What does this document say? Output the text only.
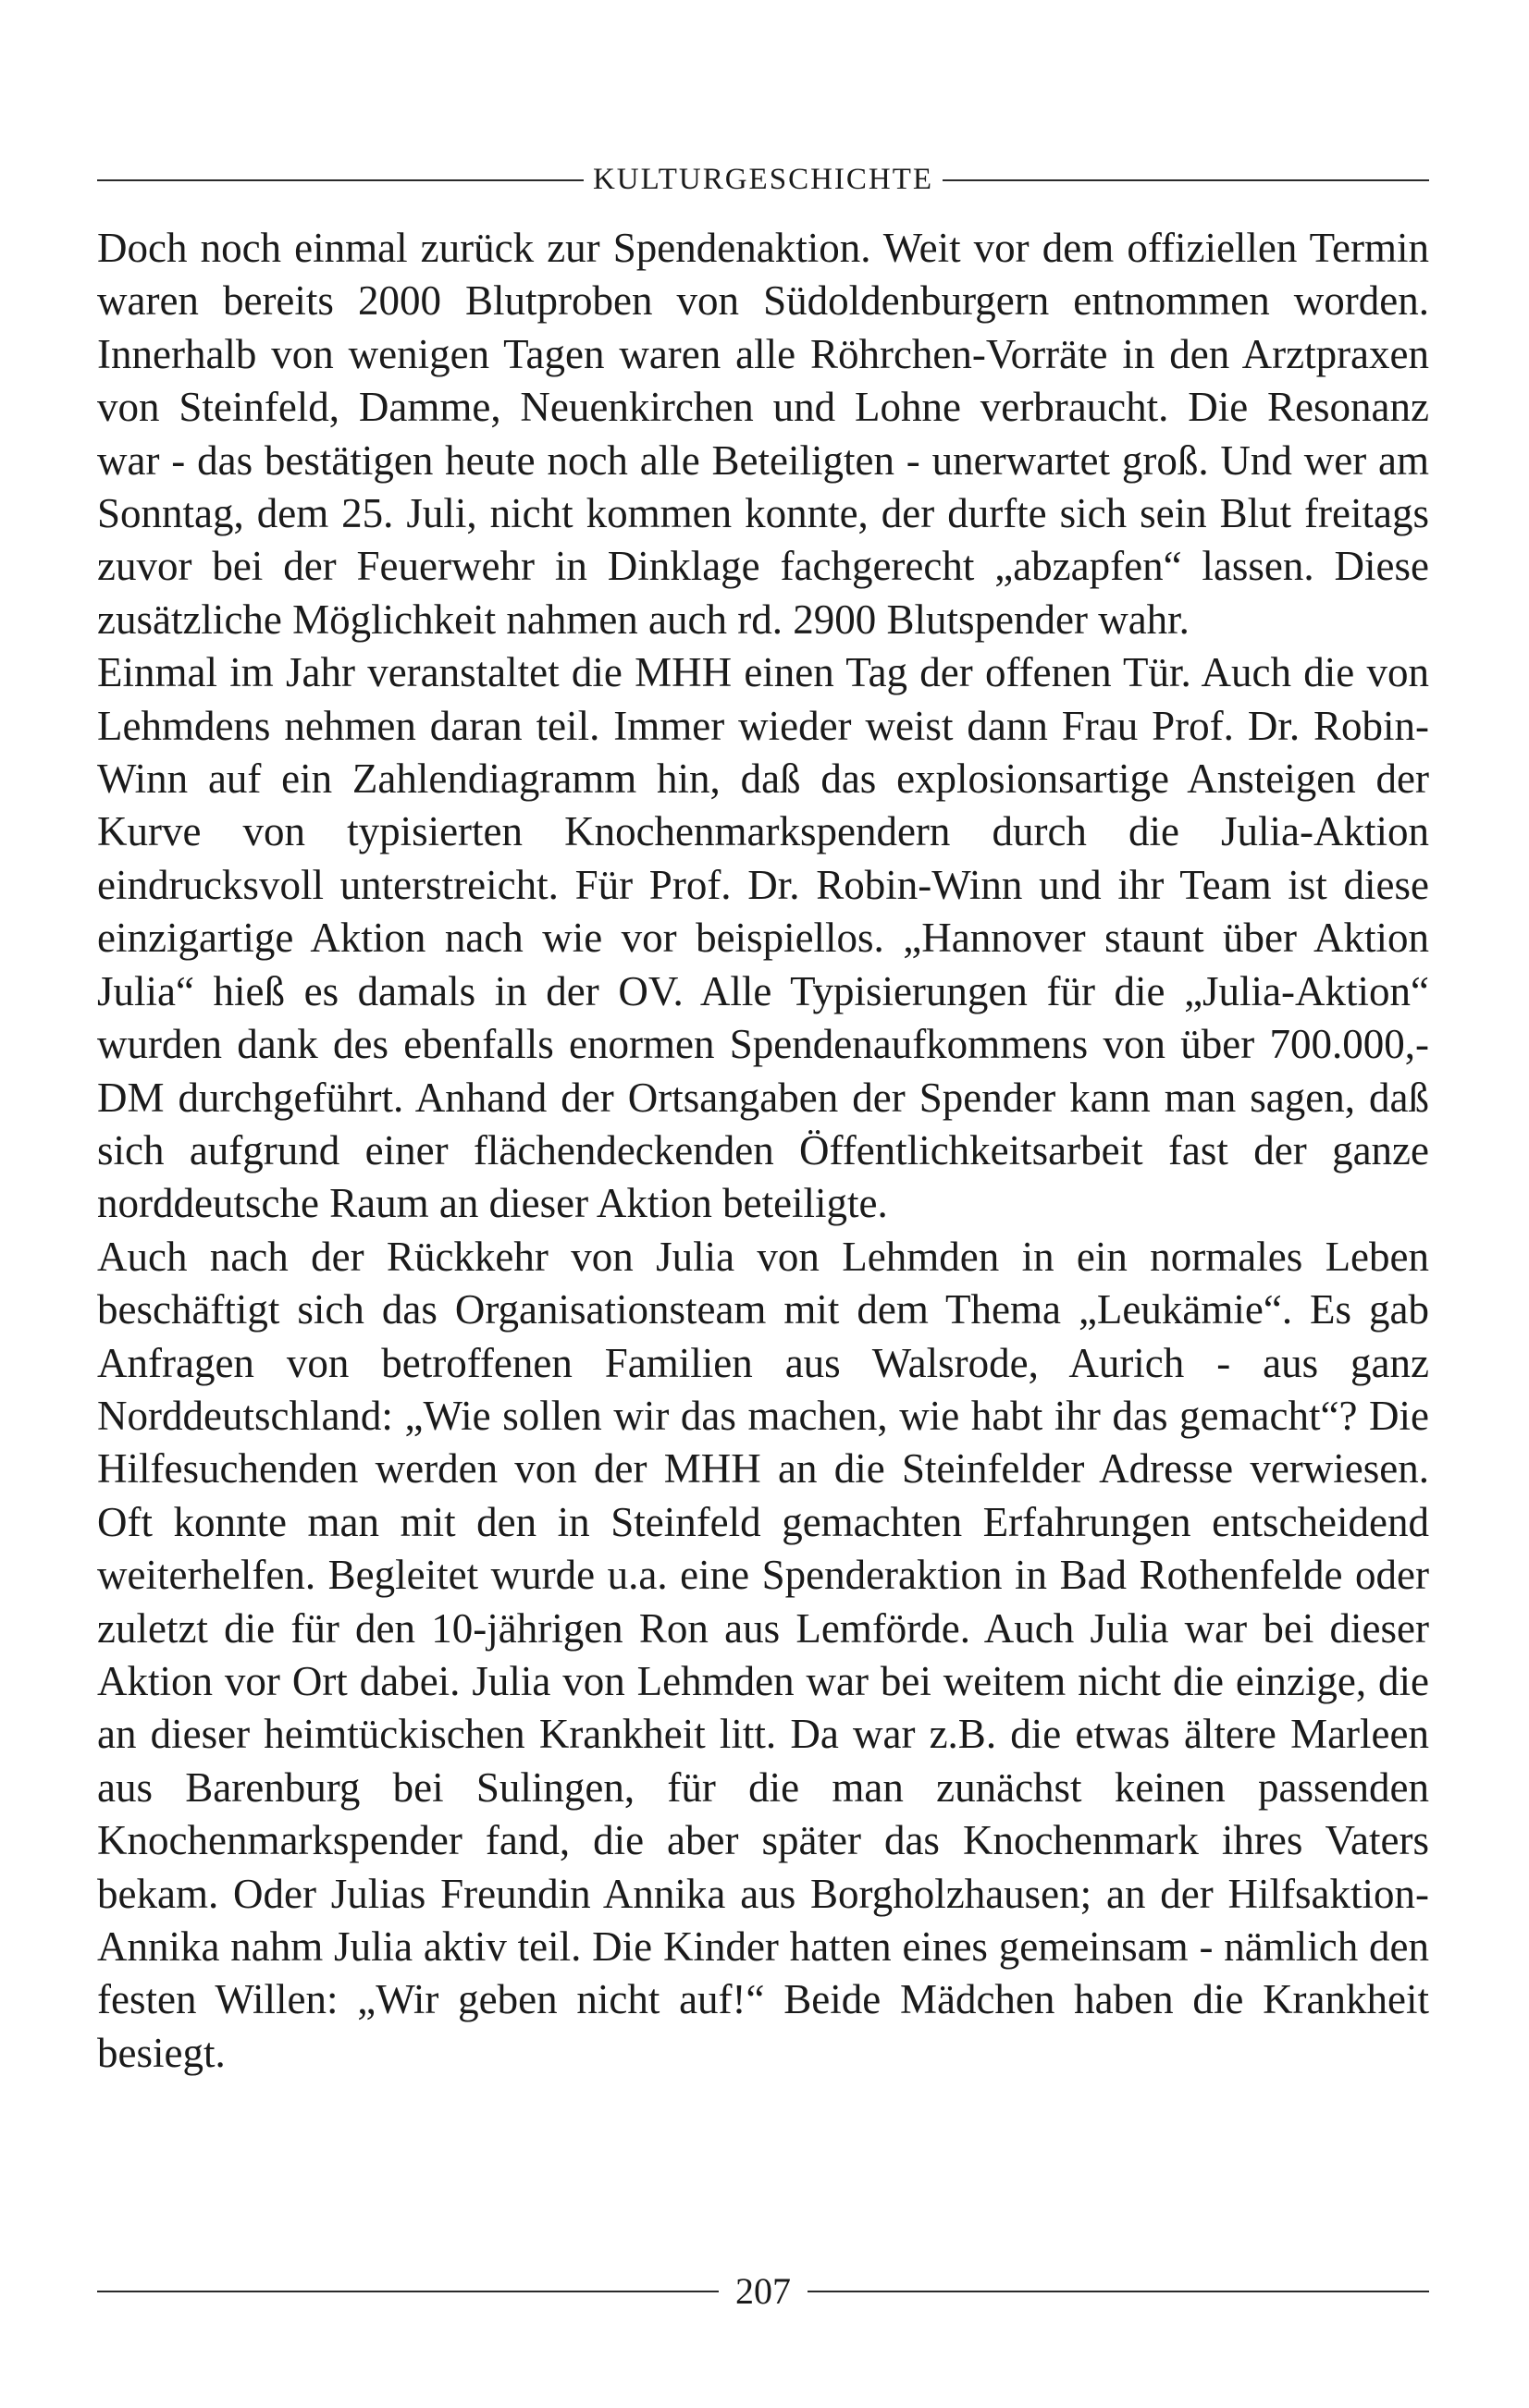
KULTURGESCHICHTE

Doch noch einmal zurück zur Spendenaktion. Weit vor dem offiziellen Termin waren bereits 2000 Blutproben von Südoldenburgern entnommen worden. Innerhalb von wenigen Tagen waren alle Röhrchen-Vorräte in den Arztpraxen von Steinfeld, Damme, Neuenkirchen und Lohne verbraucht. Die Resonanz war - das bestätigen heute noch alle Beteiligten - unerwartet groß. Und wer am Sonntag, dem 25. Juli, nicht kommen konnte, der durfte sich sein Blut freitags zuvor bei der Feuerwehr in Dinklage fachgerecht „abzapfen“ lassen. Diese zusätzliche Möglichkeit nahmen auch rd. 2900 Blutspender wahr.

Einmal im Jahr veranstaltet die MHH einen Tag der offenen Tür. Auch die von Lehmdens nehmen daran teil. Immer wieder weist dann Frau Prof. Dr. Robin-Winn auf ein Zahlendiagramm hin, daß das explosionsartige Ansteigen der Kurve von typisierten Knochenmarkspendern durch die Julia-Aktion eindrucksvoll unterstreicht. Für Prof. Dr. Robin-Winn und ihr Team ist diese einzigartige Aktion nach wie vor beispiellos. „Hannover staunt über Aktion Julia“ hieß es damals in der OV. Alle Typisierungen für die „Julia-Aktion“ wurden dank des ebenfalls enormen Spendenaufkommens von über 700.000,- DM durchgeführt. Anhand der Ortsangaben der Spender kann man sagen, daß sich aufgrund einer flächendeckenden Öffentlichkeitsarbeit fast der ganze norddeutsche Raum an dieser Aktion beteiligte.

Auch nach der Rückkehr von Julia von Lehmden in ein normales Leben beschäftigt sich das Organisationsteam mit dem Thema „Leukämie“. Es gab Anfragen von betroffenen Familien aus Walsrode, Aurich - aus ganz Norddeutschland: „Wie sollen wir das machen, wie habt ihr das gemacht“? Die Hilfesuchenden werden von der MHH an die Steinfelder Adresse verwiesen. Oft konnte man mit den in Steinfeld gemachten Erfahrungen entscheidend weiterhelfen. Begleitet wurde u.a. eine Spenderaktion in Bad Rothenfelde oder zuletzt die für den 10-jährigen Ron aus Lemförde. Auch Julia war bei dieser Aktion vor Ort dabei. Julia von Lehmden war bei weitem nicht die einzige, die an dieser heimtückischen Krankheit litt. Da war z.B. die etwas ältere Marleen aus Barenburg bei Sulingen, für die man zunächst keinen passenden Knochenmarkspender fand, die aber später das Knochenmark ihres Vaters bekam. Oder Julias Freundin Annika aus Borgholzhausen; an der Hilfsaktion-Annika nahm Julia aktiv teil. Die Kinder hatten eines gemeinsam - nämlich den festen Willen: „Wir geben nicht auf!“ Beide Mädchen haben die Krankheit besiegt.

207
